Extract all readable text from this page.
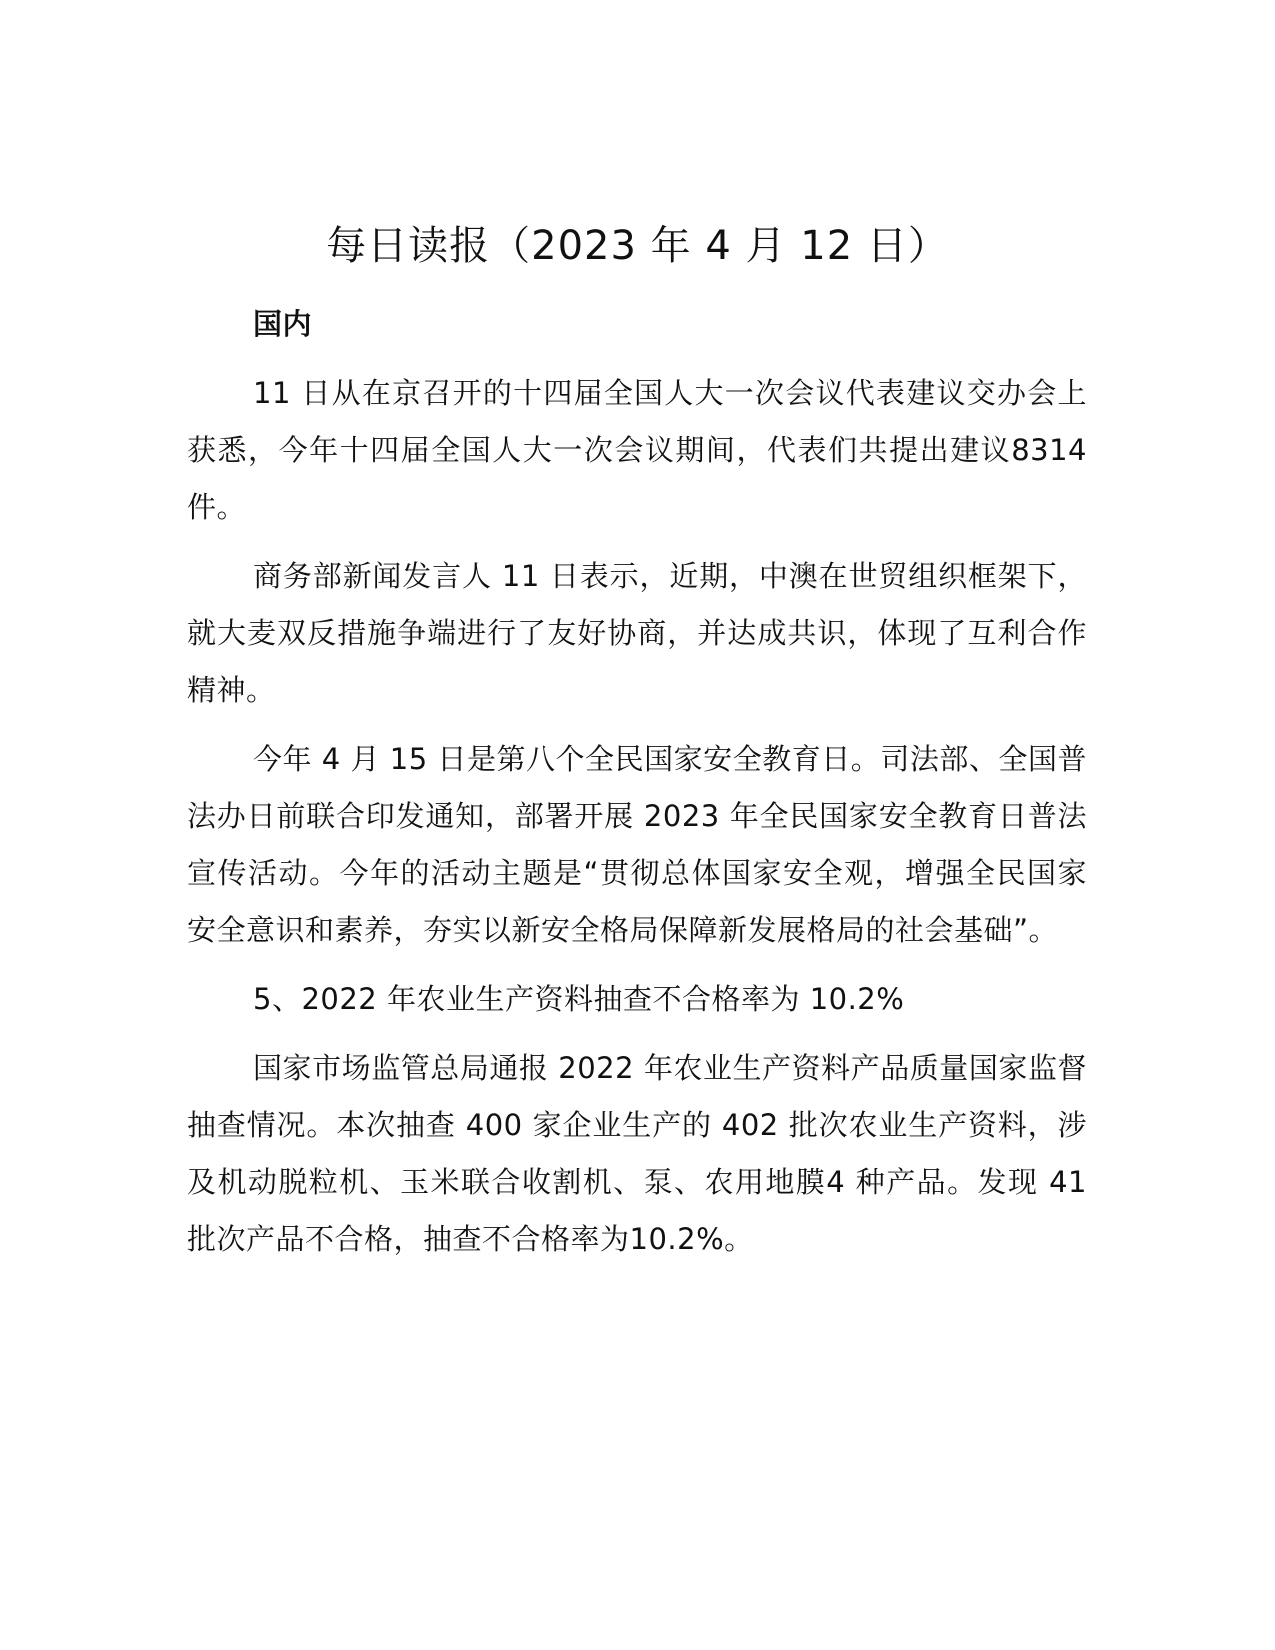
每日读报（2023 年 4 月 12 日）

国内

11 日从在京召开的十四届全国人大一次会议代表建议交办会上获悉，今年十四届全国人大一次会议期间，代表们共提出建议8314 件。

商务部新闻发言人 11 日表示，近期，中澳在世贸组织框架下，就大麦双反措施争端进行了友好协商，并达成共识，体现了互利合作精神。

今年 4 月 15 日是第八个全民国家安全教育日。司法部、全国普法办日前联合印发通知，部署开展 2023 年全民国家安全教育日普法宣传活动。今年的活动主题是“贯彻总体国家安全观，增强全民国家安全意识和素养，夯实以新安全格局保障新发展格局的社会基础”。

5、2022 年农业生产资料抽查不合格率为 10.2%

国家市场监管总局通报 2022 年农业生产资料产品质量国家监督抽查情况。本次抽查 400 家企业生产的 402 批次农业生产资料，涉及机动脱粒机、玉米联合收割机、泵、农用地膜4 种产品。发现 41 批次产品不合格，抽查不合格率为10.2%。
